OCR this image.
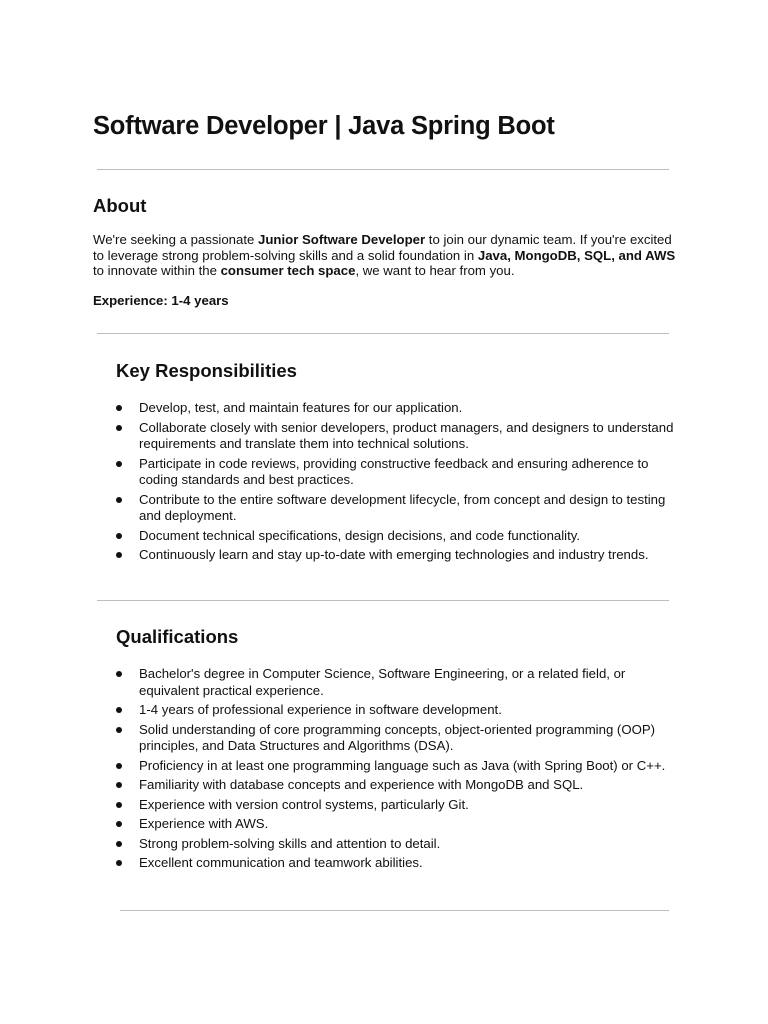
Software Developer | Java Spring Boot
About

We're seeking a passionate Junior Software Developer to join our dynamic team. If you're excited to leverage strong problem-solving skills and a solid foundation in Java, MongoDB, SQL, and AWS to innovate within the consumer tech space, we want to hear from you.

Experience: 1-4 years

Key Responsibilities
Develop, test, and maintain features for our application.
Collaborate closely with senior developers, product managers, and designers to understand requirements and translate them into technical solutions.
Participate in code reviews, providing constructive feedback and ensuring adherence to coding standards and best practices.
Contribute to the entire software development lifecycle, from concept and design to testing and deployment.
Document technical specifications, design decisions, and code functionality.
Continuously learn and stay up-to-date with emerging technologies and industry trends.
Qualifications
Bachelor's degree in Computer Science, Software Engineering, or a related field, or equivalent practical experience.
1-4 years of professional experience in software development.
Solid understanding of core programming concepts, object-oriented programming (OOP) principles, and Data Structures and Algorithms (DSA).
Proficiency in at least one programming language such as Java (with Spring Boot) or C++.
Familiarity with database concepts and experience with MongoDB and SQL.
Experience with version control systems, particularly Git.
Experience with AWS.
Strong problem-solving skills and attention to detail.
Excellent communication and teamwork abilities.
